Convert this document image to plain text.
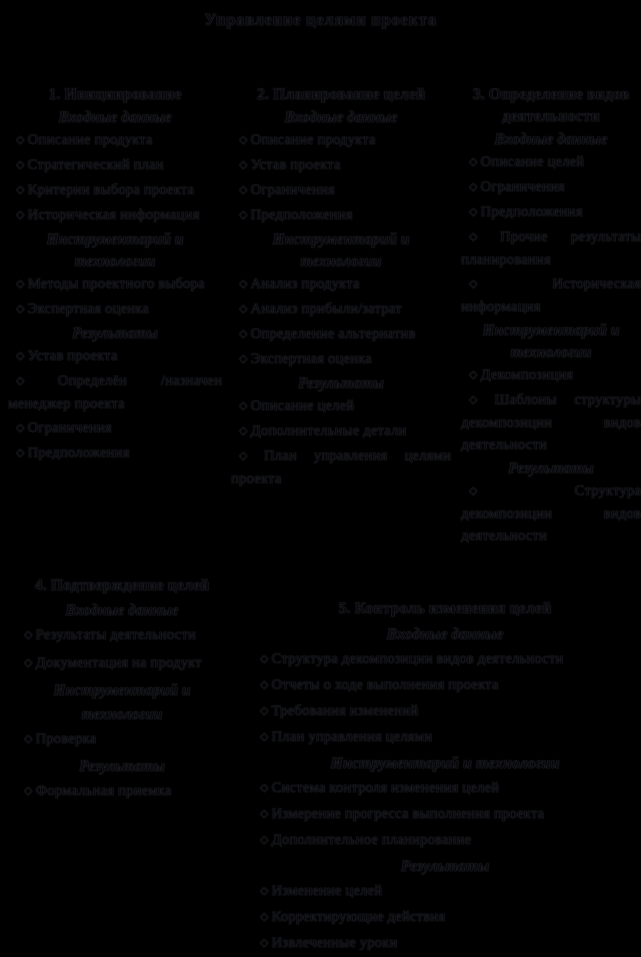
Управление целями проекта
1. Инициирование
Входные данные

◇ Описание продукта

◇ Стратегический план

◇ Критерии выбора проекта

◇ Историческая информация

Инструментарий и технологии

◇ Методы проектного выбора

◇ Экспертная оценка

Результаты

◇ Устав проекта

◇ Определён /назначен менеджер проекта

◇ Ограничения

◇ Предположения

2. Планирование целей
Входные данные

◇ Описание продукта

◇ Устав проекта

◇ Ограничения

◇ Предположения

Инструментарий и технологии

◇ Анализ продукта

◇ Анализ прибыли/затрат

◇ Определение альтернатив

◇ Экспертная оценка

Результаты

◇ Описание целей

◇ Дополнительные детали

◇ План управления целями проекта

3. Определение видов деятельности
Входные данные

◇ Описание целей

◇ Ограничения

◇ Предположения

◇ Прочие результаты планирования

◇ Историческая информация

Инструментарий и технологии

◇ Декомпозиция

◇ Шаблоны структуры декомпозиции видов деятельности

Результаты

◇ Структура декомпозиции видов деятельности

4. Подтверждение целей
Входные данные

◇ Результаты деятельности

◇ Документация на продукт

Инструментарий и технологии

◇ Проверка

Результаты

◇ Формальная приемка

5. Контроль изменения целей
Входные данные

◇ Структура декомпозиции видов деятельности

◇ Отчеты о ходе выполнения проекта

◇ Требования изменений

◇ План управления целями

Инструментарий и технологии

◇ Система контроля изменения целей

◇ Измерение прогресса выполнения проекта

◇ Дополнительное планирование

Результаты

◇ Изменение целей

◇ Корректирующие действия

◇ Извлеченные уроки
